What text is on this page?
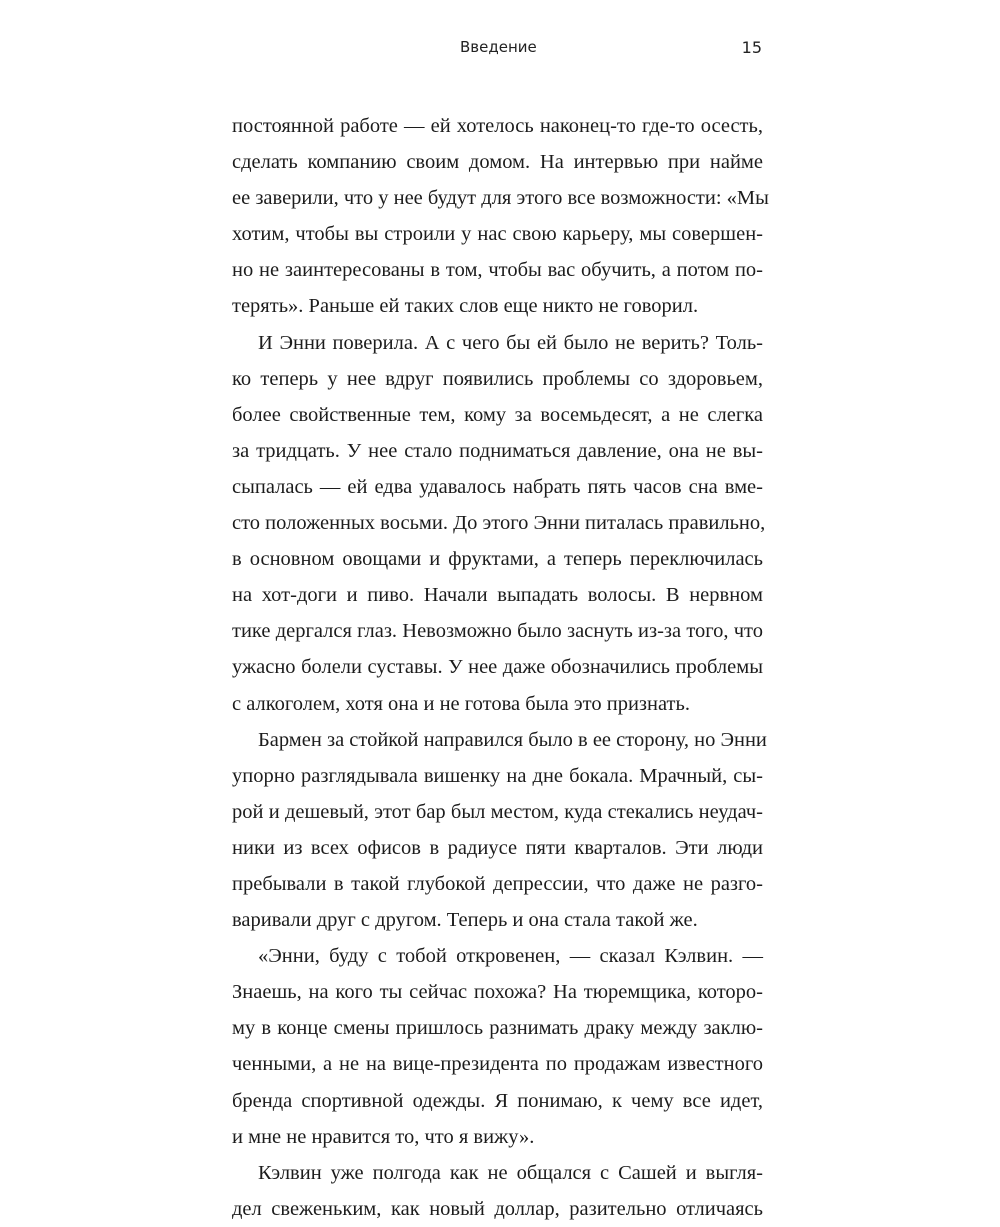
Введение	15
постоянной работе — ей хотелось наконец-то где-то осесть,
сделать компанию своим домом. На интервью при найме
ее заверили, что у нее будут для этого все возможности: «Мы
хотим, чтобы вы строили у нас свою карьеру, мы совершен-
но не заинтересованы в том, чтобы вас обучить, а потом по-
терять». Раньше ей таких слов еще никто не говорил.
И Энни поверила. А с чего бы ей было не верить? Толь-
ко теперь у нее вдруг появились проблемы со здоровьем,
более свойственные тем, кому за восемьдесят, а не слегка
за тридцать. У нее стало подниматься давление, она не вы-
сыпалась — ей едва удавалось набрать пять часов сна вме-
сто положенных восьми. До этого Энни питалась правильно,
в основном овощами и фруктами, а теперь переключилась
на хот-доги и пиво. Начали выпадать волосы. В нервном
тике дергался глаз. Невозможно было заснуть из-за того, что
ужасно болели суставы. У нее даже обозначились проблемы
с алкоголем, хотя она и не готова была это признать.
Бармен за стойкой направился было в ее сторону, но Энни
упорно разглядывала вишенку на дне бокала. Мрачный, сы-
рой и дешевый, этот бар был местом, куда стекались неудач-
ники из всех офисов в радиусе пяти кварталов. Эти люди
пребывали в такой глубокой депрессии, что даже не разго-
варивали друг с другом. Теперь и она стала такой же.
«Энни, буду с тобой откровенен, — сказал Кэлвин. —
Знаешь, на кого ты сейчас похожа? На тюремщика, которо-
му в конце смены пришлось разнимать драку между заклю-
ченными, а не на вице-президента по продажам известного
бренда спортивной одежды. Я понимаю, к чему все идет,
и мне не нравится то, что я вижу».
Кэлвин уже полгода как не общался с Сашей и выгля-
дел свеженьким, как новый доллар, разительно отличаясь
